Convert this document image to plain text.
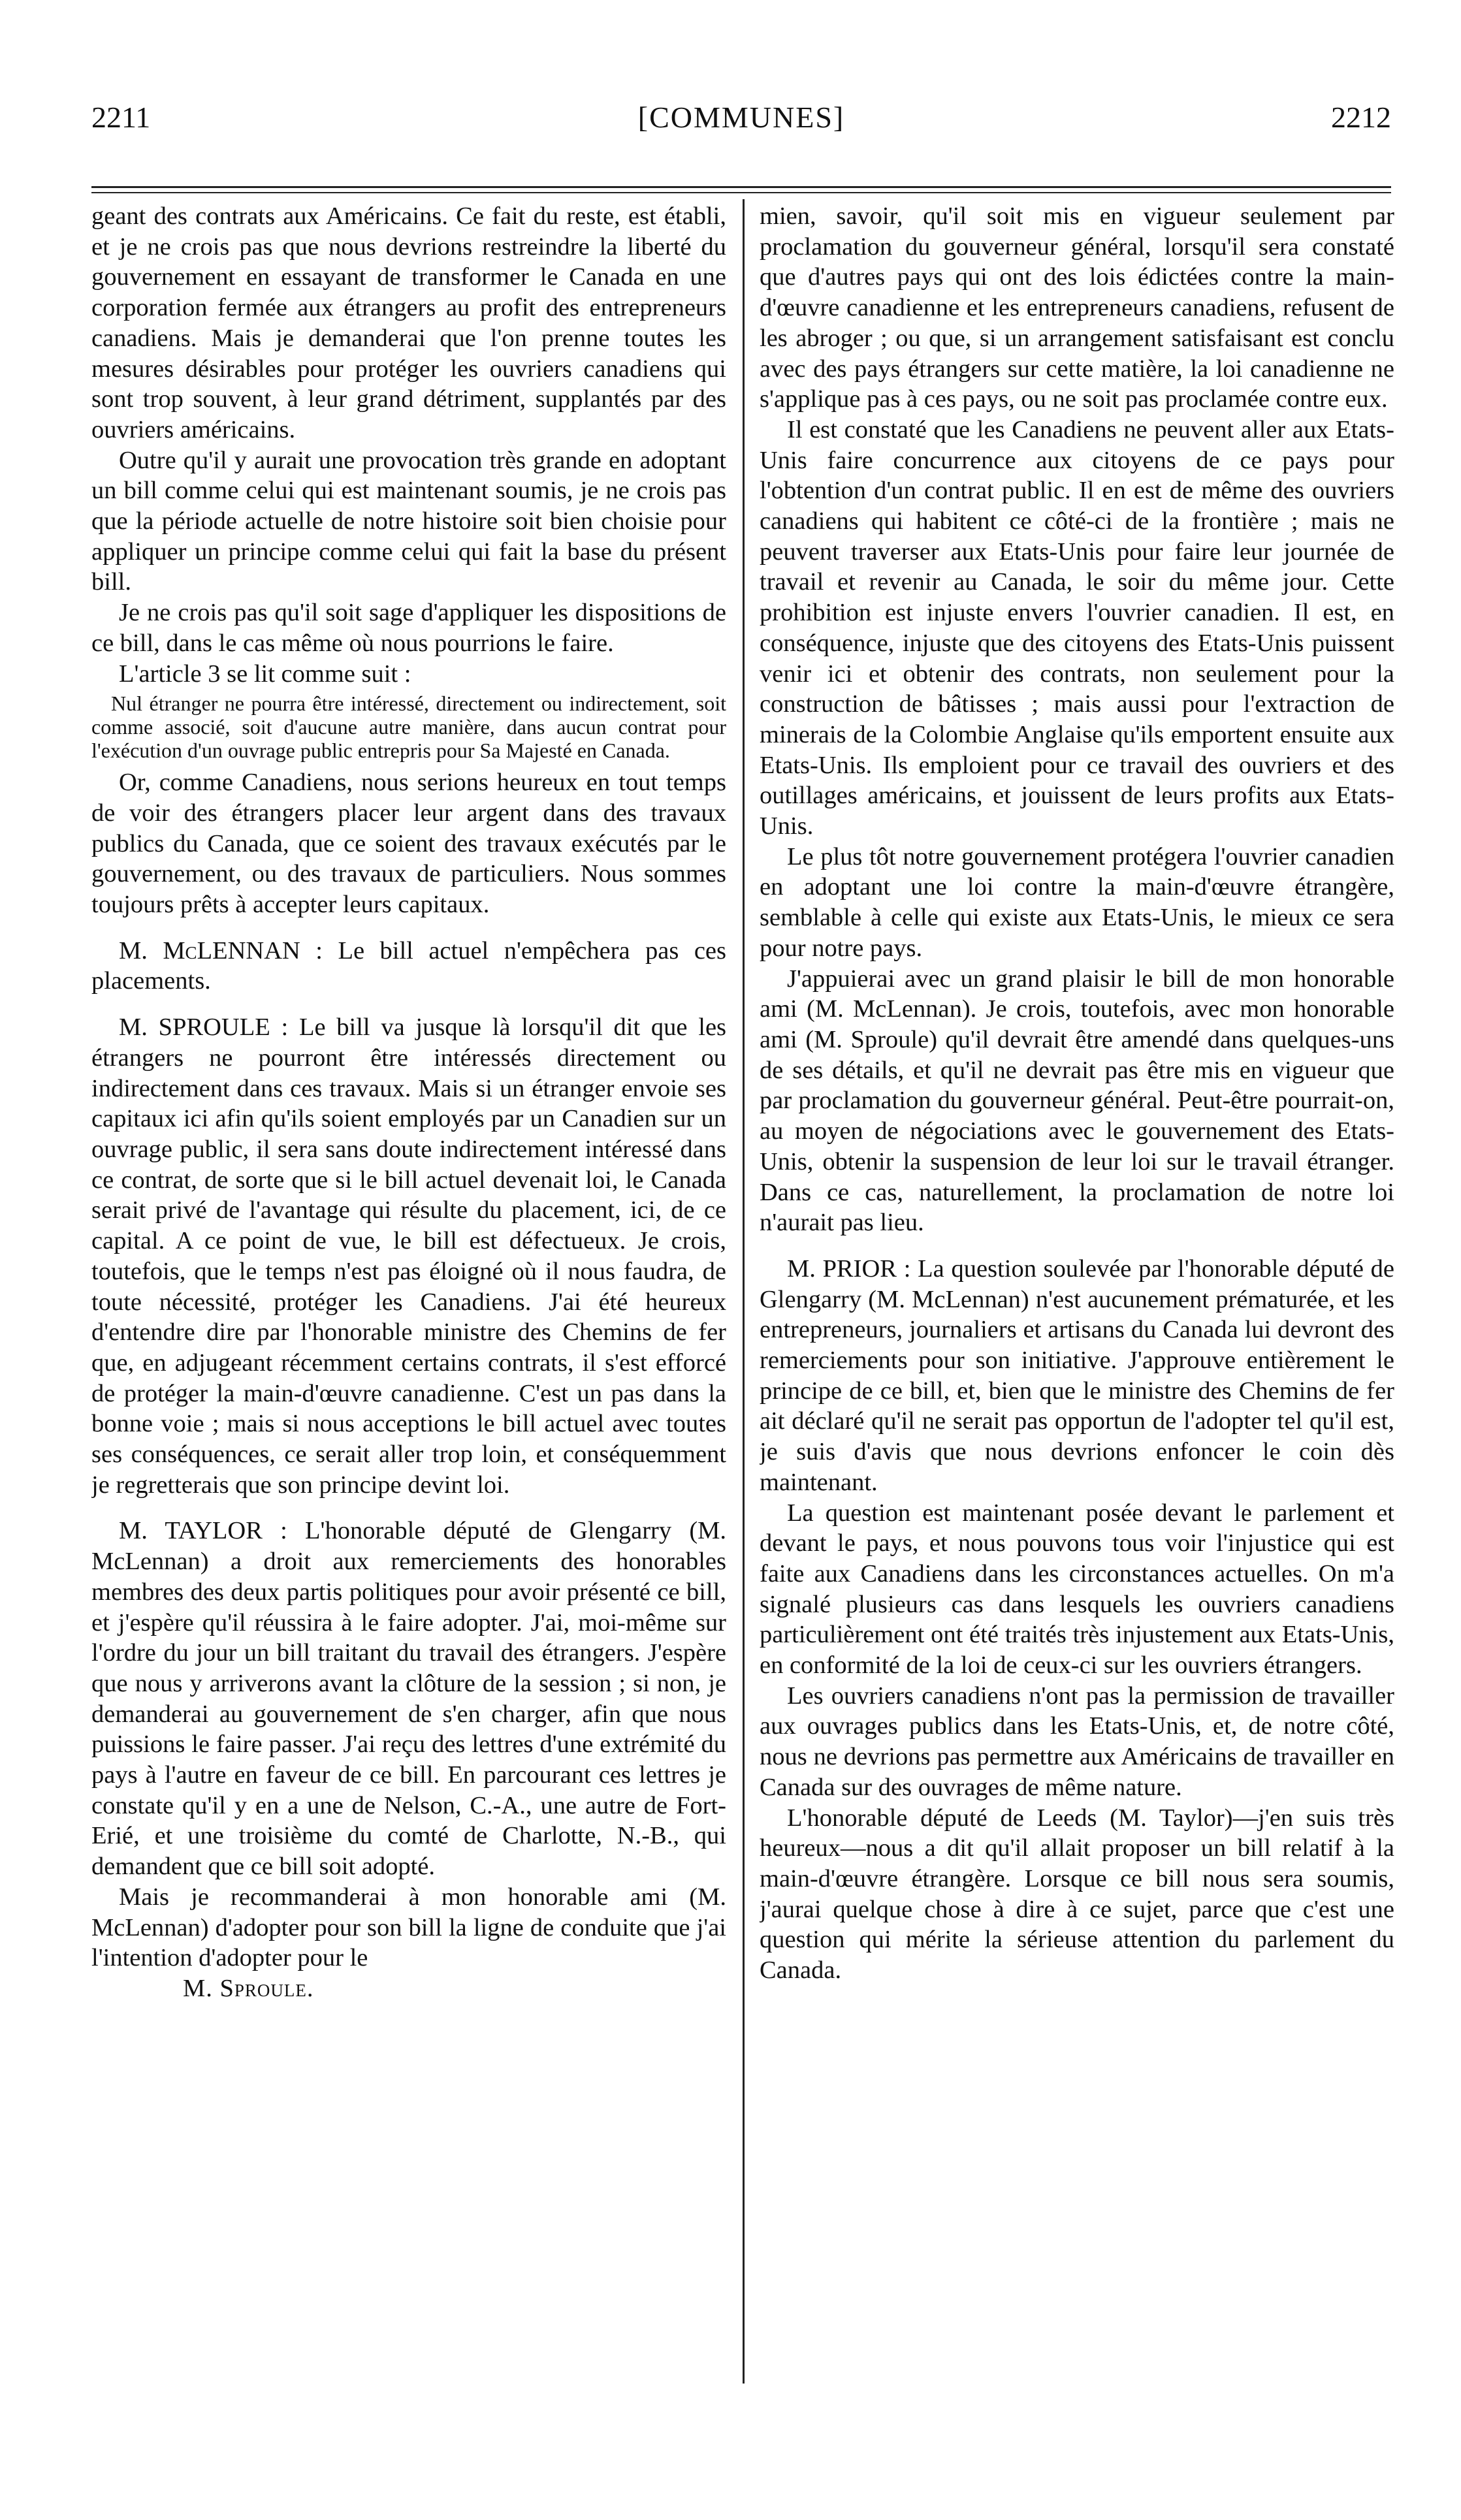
2211	[COMMUNES]	2212

geant des contrats aux Américains. Ce fait du reste, est établi, et je ne crois pas que nous devrions restreindre la liberté du gouvernement en essayant de transformer le Canada en une corporation fermée aux étrangers au profit des entrepreneurs canadiens. Mais je demanderai que l'on prenne toutes les mesures désirables pour protéger les ouvriers canadiens qui sont trop souvent, à leur grand détriment, supplantés par des ouvriers américains.

Outre qu'il y aurait une provocation très grande en adoptant un bill comme celui qui est maintenant soumis, je ne crois pas que la période actuelle de notre histoire soit bien choisie pour appliquer un principe comme celui qui fait la base du présent bill.

Je ne crois pas qu'il soit sage d'appliquer les dispositions de ce bill, dans le cas même où nous pourrions le faire.

L'article 3 se lit comme suit :

Nul étranger ne pourra être intéressé, directement ou indirectement, soit comme associé, soit d'aucune autre manière, dans aucun contrat pour l'exécution d'un ouvrage public entrepris pour Sa Majesté en Canada.

Or, comme Canadiens, nous serions heureux en tout temps de voir des étrangers placer leur argent dans des travaux publics du Canada, que ce soient des travaux exécutés par le gouvernement, ou des travaux de particuliers. Nous sommes toujours prêts à accepter leurs capitaux.

M. McLENNAN : Le bill actuel n'empêchera pas ces placements.

M. SPROULE : Le bill va jusque là lorsqu'il dit que les étrangers ne pourront être intéressés directement ou indirectement dans ces travaux. Mais si un étranger envoie ses capitaux ici afin qu'ils soient employés par un Canadien sur un ouvrage public, il sera sans doute indirectement intéressé dans ce contrat, de sorte que si le bill actuel devenait loi, le Canada serait privé de l'avantage qui résulte du placement, ici, de ce capital. A ce point de vue, le bill est défectueux. Je crois, toutefois, que le temps n'est pas éloigné où il nous faudra, de toute nécessité, protéger les Canadiens. J'ai été heureux d'entendre dire par l'honorable ministre des Chemins de fer que, en adjugeant récemment certains contrats, il s'est efforcé de protéger la main-d'œuvre canadienne. C'est un pas dans la bonne voie ; mais si nous acceptions le bill actuel avec toutes ses conséquences, ce serait aller trop loin, et conséquemment je regretterais que son principe devint loi.

M. TAYLOR : L'honorable député de Glengarry (M. McLennan) a droit aux remerciements des honorables membres des deux partis politiques pour avoir présenté ce bill, et j'espère qu'il réussira à le faire adopter. J'ai, moi-même sur l'ordre du jour un bill traitant du travail des étrangers. J'espère que nous y arriverons avant la clôture de la session ; si non, je demanderai au gouvernement de s'en charger, afin que nous puissions le faire passer. J'ai reçu des lettres d'une extrémité du pays à l'autre en faveur de ce bill. En parcourant ces lettres je constate qu'il y en a une de Nelson, C.-A., une autre de Fort-Erié, et une troisième du comté de Charlotte, N.-B., qui demandent que ce bill soit adopté.

Mais je recommanderai à mon honorable ami (M. McLennan) d'adopter pour son bill la ligne de conduite que j'ai l'intention d'adopter pour le

M. Sproule.

mien, savoir, qu'il soit mis en vigueur seulement par proclamation du gouverneur général, lorsqu'il sera constaté que d'autres pays qui ont des lois édictées contre la main-d'œuvre canadienne et les entrepreneurs canadiens, refusent de les abroger ; ou que, si un arrangement satisfaisant est conclu avec des pays étrangers sur cette matière, la loi canadienne ne s'applique pas à ces pays, ou ne soit pas proclamée contre eux.

Il est constaté que les Canadiens ne peuvent aller aux Etats-Unis faire concurrence aux citoyens de ce pays pour l'obtention d'un contrat public. Il en est de même des ouvriers canadiens qui habitent ce côté-ci de la frontière ; mais ne peuvent traverser aux Etats-Unis pour faire leur journée de travail et revenir au Canada, le soir du même jour. Cette prohibition est injuste envers l'ouvrier canadien. Il est, en conséquence, injuste que des citoyens des Etats-Unis puissent venir ici et obtenir des contrats, non seulement pour la construction de bâtisses ; mais aussi pour l'extraction de minerais de la Colombie Anglaise qu'ils emportent ensuite aux Etats-Unis. Ils emploient pour ce travail des ouvriers et des outillages américains, et jouissent de leurs profits aux Etats-Unis.

Le plus tôt notre gouvernement protégera l'ouvrier canadien en adoptant une loi contre la main-d'œuvre étrangère, semblable à celle qui existe aux Etats-Unis, le mieux ce sera pour notre pays.

J'appuierai avec un grand plaisir le bill de mon honorable ami (M. McLennan). Je crois, toutefois, avec mon honorable ami (M. Sproule) qu'il devrait être amendé dans quelques-uns de ses détails, et qu'il ne devrait pas être mis en vigueur que par proclamation du gouverneur général. Peut-être pourrait-on, au moyen de négociations avec le gouvernement des Etats-Unis, obtenir la suspension de leur loi sur le travail étranger. Dans ce cas, naturellement, la proclamation de notre loi n'aurait pas lieu.

M. PRIOR : La question soulevée par l'honorable député de Glengarry (M. McLennan) n'est aucunement prématurée, et les entrepreneurs, journaliers et artisans du Canada lui devront des remerciements pour son initiative. J'approuve entièrement le principe de ce bill, et, bien que le ministre des Chemins de fer ait déclaré qu'il ne serait pas opportun de l'adopter tel qu'il est, je suis d'avis que nous devrions enfoncer le coin dès maintenant.

La question est maintenant posée devant le parlement et devant le pays, et nous pouvons tous voir l'injustice qui est faite aux Canadiens dans les circonstances actuelles. On m'a signalé plusieurs cas dans lesquels les ouvriers canadiens particulièrement ont été traités très injustement aux Etats-Unis, en conformité de la loi de ceux-ci sur les ouvriers étrangers.

Les ouvriers canadiens n'ont pas la permission de travailler aux ouvrages publics dans les Etats-Unis, et, de notre côté, nous ne devrions pas permettre aux Américains de travailler en Canada sur des ouvrages de même nature.

L'honorable député de Leeds (M. Taylor)—j'en suis très heureux—nous a dit qu'il allait proposer un bill relatif à la main-d'œuvre étrangère. Lorsque ce bill nous sera soumis, j'aurai quelque chose à dire à ce sujet, parce que c'est une question qui mérite la sérieuse attention du parlement du Canada.
